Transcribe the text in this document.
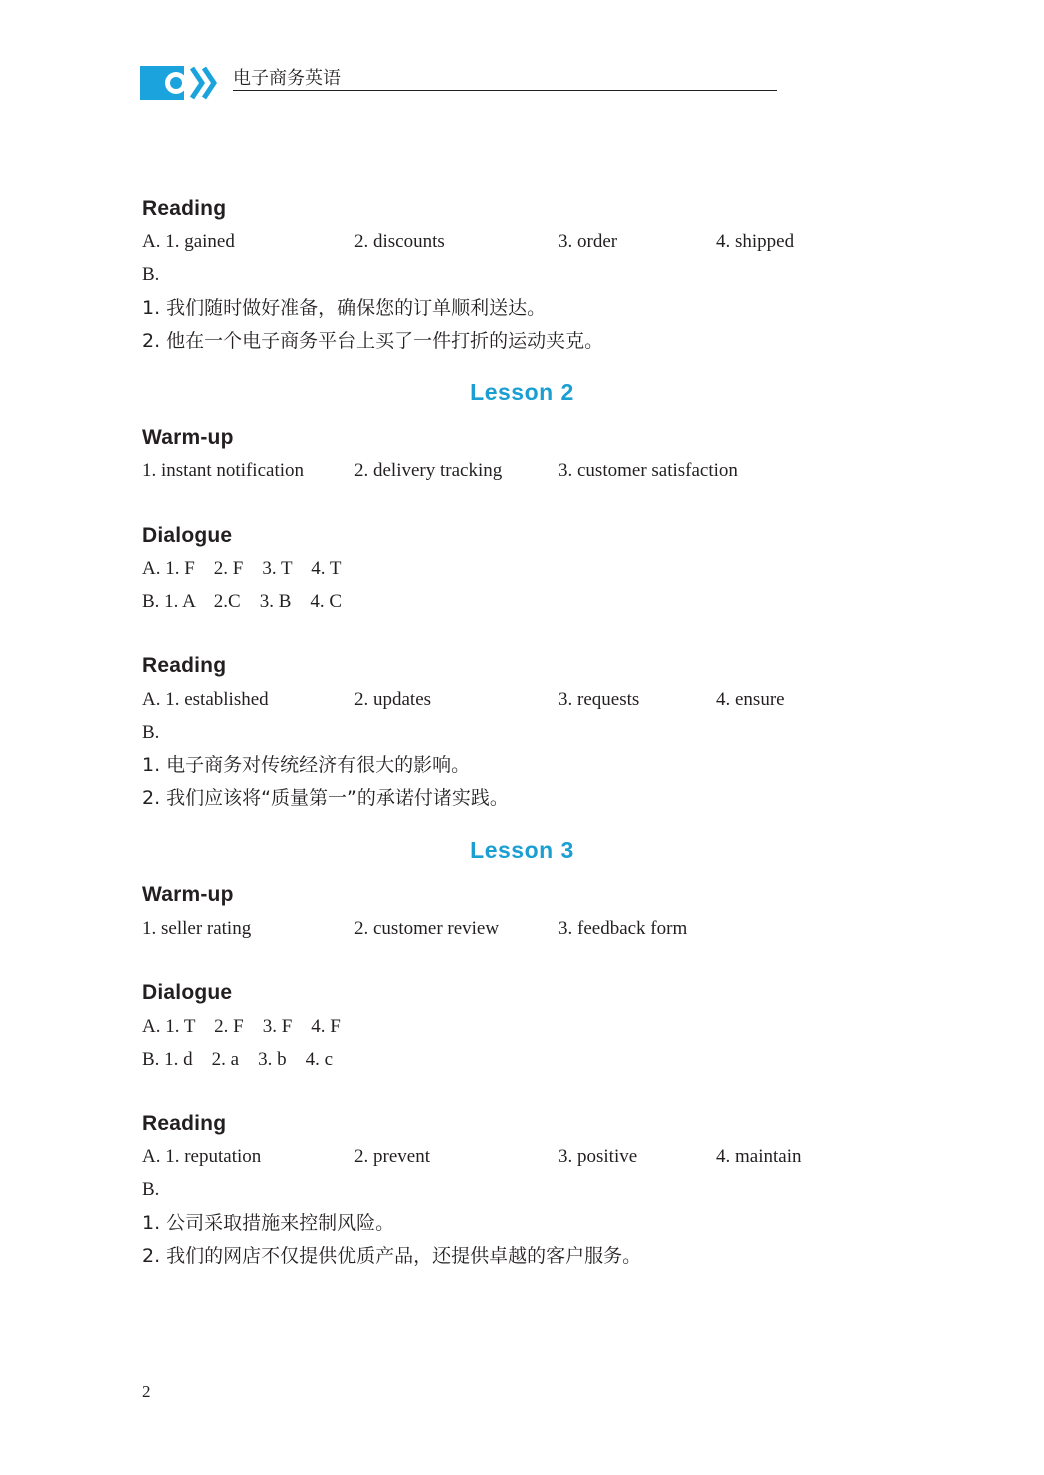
电子商务英语
Reading
A. 1. gained	2. discounts	3. order	4. shipped
B.
1. 我们随时做好准备，确保您的订单顺利送达。
2. 他在一个电子商务平台上买了一件打折的运动夹克。
Lesson 2
Warm-up
1. instant notification	2. delivery tracking	3. customer satisfaction
Dialogue
A. 1. F    2. F    3. T    4. T
B. 1. A    2.C    3. B    4. C
Reading
A. 1. established	2. updates	3. requests	4. ensure
B.
1. 电子商务对传统经济有很大的影响。
2. 我们应该将“质量第一”的承诺付诸实践。
Lesson 3
Warm-up
1. seller rating	2. customer review	3. feedback form
Dialogue
A. 1. T    2. F    3. F    4. F
B. 1. d    2. a    3. b    4. c
Reading
A. 1. reputation	2. prevent	3. positive	4. maintain
B.
1. 公司采取措施来控制风险。
2. 我们的网店不仅提供优质产品，还提供卓越的客户服务。
2
